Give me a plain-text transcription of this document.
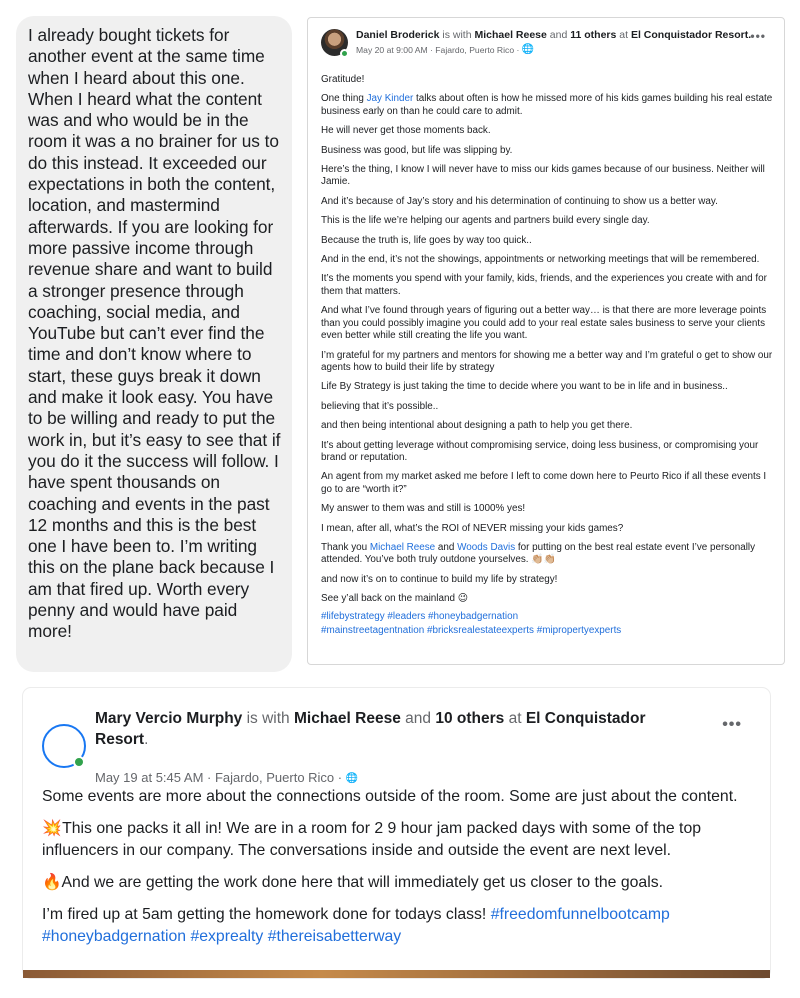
I already bought tickets for another event at the same time when I heard about this one. When I heard what the content was and who would be in the room it was a no brainer for us to do this instead. It exceeded our expectations in both the content, location, and mastermind afterwards. If you are looking for more passive income through revenue share and want to build a stronger presence through coaching, social media, and YouTube but can’t ever find the time and don’t know where to start, these guys break it down and make it look easy. You have to be willing and ready to put the work in, but it’s easy to see that if you do it the success will follow. I have spent thousands on coaching and events in the past 12 months and this is the best one I have been to. I’m writing this on the plane back because I am that fired up. Worth every penny and would have paid more!
Daniel Broderick is with Michael Reese and 11 others at El Conquistador Resort.
May 20 at 9:00 AM · Fajardo, Puerto Rico · 🌐
•••

Gratitude!

One thing Jay Kinder talks about often is how he missed more of his kids games building his real estate business early on than he could care to admit.

He will never get those moments back.

Business was good, but life was slipping by.

Here’s the thing, I know I will never have to miss our kids games because of our business. Neither will Jamie.

And it’s because of Jay’s story and his determination of continuing to show us a better way.

This is the life we’re helping our agents and partners build every single day.

Because the truth is, life goes by way too quick..

And in the end, it’s not the showings, appointments or networking meetings that will be remembered.

It’s the moments you spend with your family, kids, friends, and the experiences you create with and for them that matters.

And what I’ve found through years of figuring out a better way… is that there are more leverage points than you could possibly imagine you could add to your real estate sales business to serve your clients even better while still creating the life you want.

I’m grateful for my partners and mentors for showing me a better way and I’m grateful o get to show our agents how to build their life by strategy

Life By Strategy is just taking the time to decide where you want to be in life and in business..

believing that it’s possible..

and then being intentional about designing a path to help you get there.

It’s about getting leverage without compromising service, doing less business, or compromising your brand or reputation.

An agent from my market asked me before I left to come down here to Peurto Rico if all these events I go to are “worth it?”

My answer to them was and still is 1000% yes!

I mean, after all, what’s the ROI of NEVER missing your kids games?

Thank you Michael Reese and Woods Davis for putting on the best real estate event I’ve personally attended. You’ve both truly outdone yourselves. 👏🏼👏🏼

and now it’s on to continue to build my life by strategy!

See y’all back on the mainland 😉

#lifebystrategy #leaders #honeybadgernation
#mainstreetagentnation #bricksrealestateexperts #mipropertyexperts
Mary Vercio Murphy is with Michael Reese and 10 others at El Conquistador Resort.
May 19 at 5:45 AM · Fajardo, Puerto Rico · 🌐
•••

Some events are more about the connections outside of the room. Some are just about the content.

💥 This one packs it all in! We are in a room for 2 9 hour jam packed days with some of the top influencers in our company. The conversations inside and outside the event are next level.

🔥 And we are getting the work done here that will immediately get us closer to the goals.

I’m fired up at 5am getting the homework done for todays class! #freedomfunnelbootcamp #honeybadgernation #exprealty #thereisabetterway
